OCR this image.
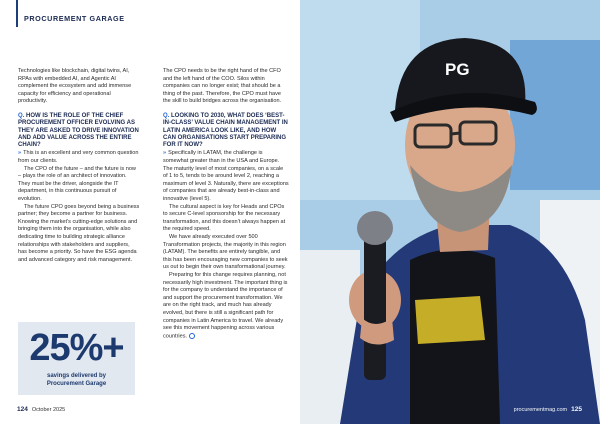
PROCUREMENT GARAGE

Technologies like blockchain, digital twins, AI, RPAs with embedded AI, and Agentic AI complement the ecosystem and add immense capacity for efficiency and operational productivity.

Q. HOW IS THE ROLE OF THE CHIEF PROCUREMENT OFFICER EVOLVING AS THEY ARE ASKED TO DRIVE INNOVATION AND ADD VALUE ACROSS THE ENTIRE CHAIN?

» This is an excellent and very common question from our clients.

The CPO of the future – and the future is now – plays the role of an architect of innovation. They must be the driver, alongside the IT department, in this continuous pursuit of evolution.

The future CPO goes beyond being a business partner; they become a partner for business. Knowing the market’s cutting-edge solutions and bringing them into the organisation, while also dedicating time to building strategic alliance relationships with stakeholders and suppliers, has become a priority. So have the ESG agenda and advanced category and risk management.

25%+
savings delivered by
Procurement Garage

The CPO needs to be the right hand of the CFO and the left hand of the COO. Silos within companies can no longer exist; that should be a thing of the past. Therefore, the CPO must have the skill to build bridges across the organisation.

Q. LOOKING TO 2030, WHAT DOES ‘BEST-IN-CLASS’ VALUE CHAIN MANAGEMENT IN LATIN AMERICA LOOK LIKE, AND HOW CAN ORGANISATIONS START PREPARING FOR IT NOW?

» Specifically in LATAM, the challenge is somewhat greater than in the USA and Europe. The maturity level of most companies, on a scale of 1 to 5, tends to be around level 2, reaching a maximum of level 3. Naturally, there are exceptions of companies that are already best-in-class and innovative (level 5).

The cultural aspect is key for Heads and CPOs to secure C-level sponsorship for the necessary transformation, and this doesn’t always happen at the required speed.

We have already executed over 500 Transformation projects, the majority in this region (LATAM). The benefits are entirely tangible, and this has been encouraging new companies to seek us out to begin their own transformational journey.

Preparing for this change requires planning, not necessarily high investment. The important thing is for the company to understand the importance of and support the procurement transformation. We are on the right track, and much has already evolved, but there is still a significant path for companies in Latin America to travel. We already see this movement happening across various countries.

124 October 2025
PG
procurementmag.com 125
